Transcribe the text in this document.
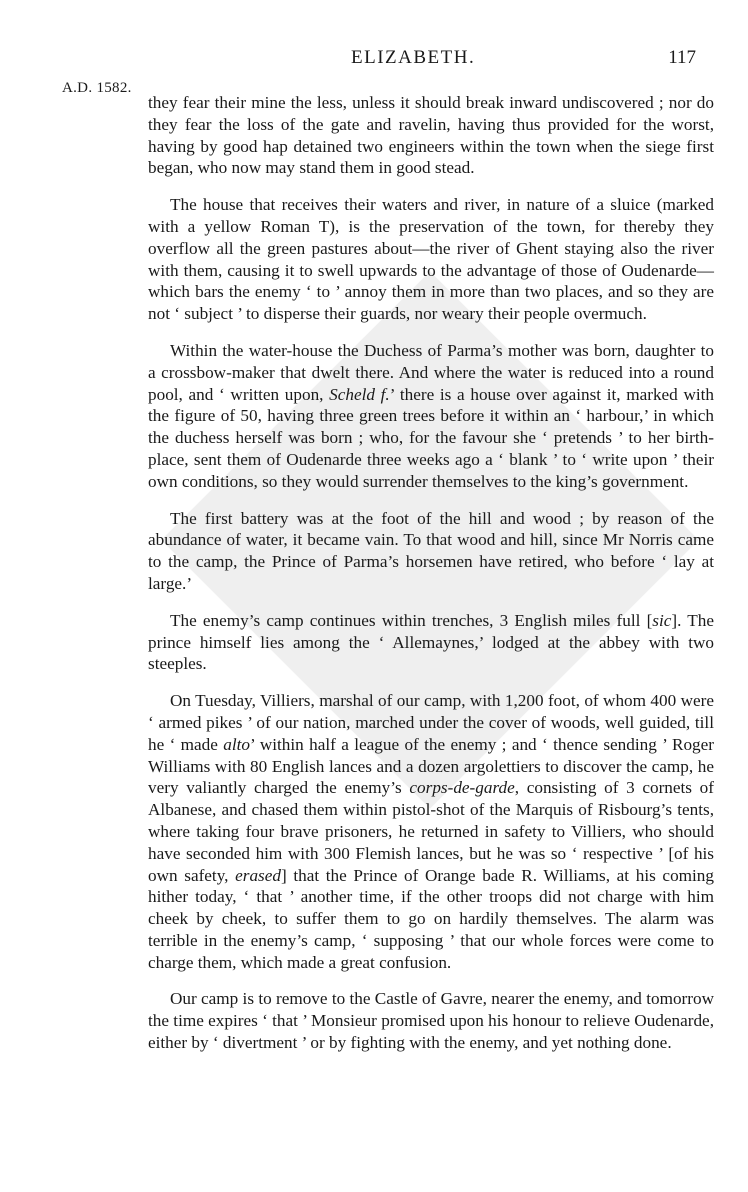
ELIZABETH.	117
A.D. 1582.

they fear their mine the less, unless it should break inward undiscovered ; nor do they fear the loss of the gate and ravelin, having thus provided for the worst, having by good hap detained two engineers within the town when the siege first began, who now may stand them in good stead.

The house that receives their waters and river, in nature of a sluice (marked with a yellow Roman T), is the preservation of the town, for thereby they overflow all the green pastures about—the river of Ghent staying also the river with them, causing it to swell upwards to the advantage of those of Oudenarde—which bars the enemy ‘ to ’ annoy them in more than two places, and so they are not ‘ subject ’ to disperse their guards, nor weary their people overmuch.

Within the water-house the Duchess of Parma’s mother was born, daughter to a crossbow-maker that dwelt there. And where the water is reduced into a round pool, and ‘ written upon, Scheld f.’ there is a house over against it, marked with the figure of 50, having three green trees before it within an ‘ harbour,’ in which the duchess herself was born ; who, for the favour she ‘ pretends ’ to her birth-place, sent them of Oudenarde three weeks ago a ‘ blank ’ to ‘ write upon ’ their own conditions, so they would surrender themselves to the king’s government.

The first battery was at the foot of the hill and wood ; by reason of the abundance of water, it became vain. To that wood and hill, since Mr Norris came to the camp, the Prince of Parma’s horsemen have retired, who before ‘ lay at large.’

The enemy’s camp continues within trenches, 3 English miles full [sic]. The prince himself lies among the ‘ Allemaynes,’ lodged at the abbey with two steeples.

On Tuesday, Villiers, marshal of our camp, with 1,200 foot, of whom 400 were ‘ armed pikes ’ of our nation, marched under the cover of woods, well guided, till he ‘ made alto’ within half a league of the enemy ; and ‘ thence sending ’ Roger Williams with 80 English lances and a dozen argolettiers to discover the camp, he very valiantly charged the enemy’s corps-de-garde, consisting of 3 cornets of Albanese, and chased them within pistol-shot of the Marquis of Risbourg’s tents, where taking four brave prisoners, he returned in safety to Villiers, who should have seconded him with 300 Flemish lances, but he was so ‘ respective ’ [of his own safety, erased] that the Prince of Orange bade R. Williams, at his coming hither today, ‘ that ’ another time, if the other troops did not charge with him cheek by cheek, to suffer them to go on hardily themselves. The alarm was terrible in the enemy’s camp, ‘ supposing ’ that our whole forces were come to charge them, which made a great confusion.

Our camp is to remove to the Castle of Gavre, nearer the enemy, and tomorrow the time expires ‘ that ’ Monsieur promised upon his honour to relieve Oudenarde, either by ‘ divertment ’ or by fighting with the enemy, and yet nothing done.
